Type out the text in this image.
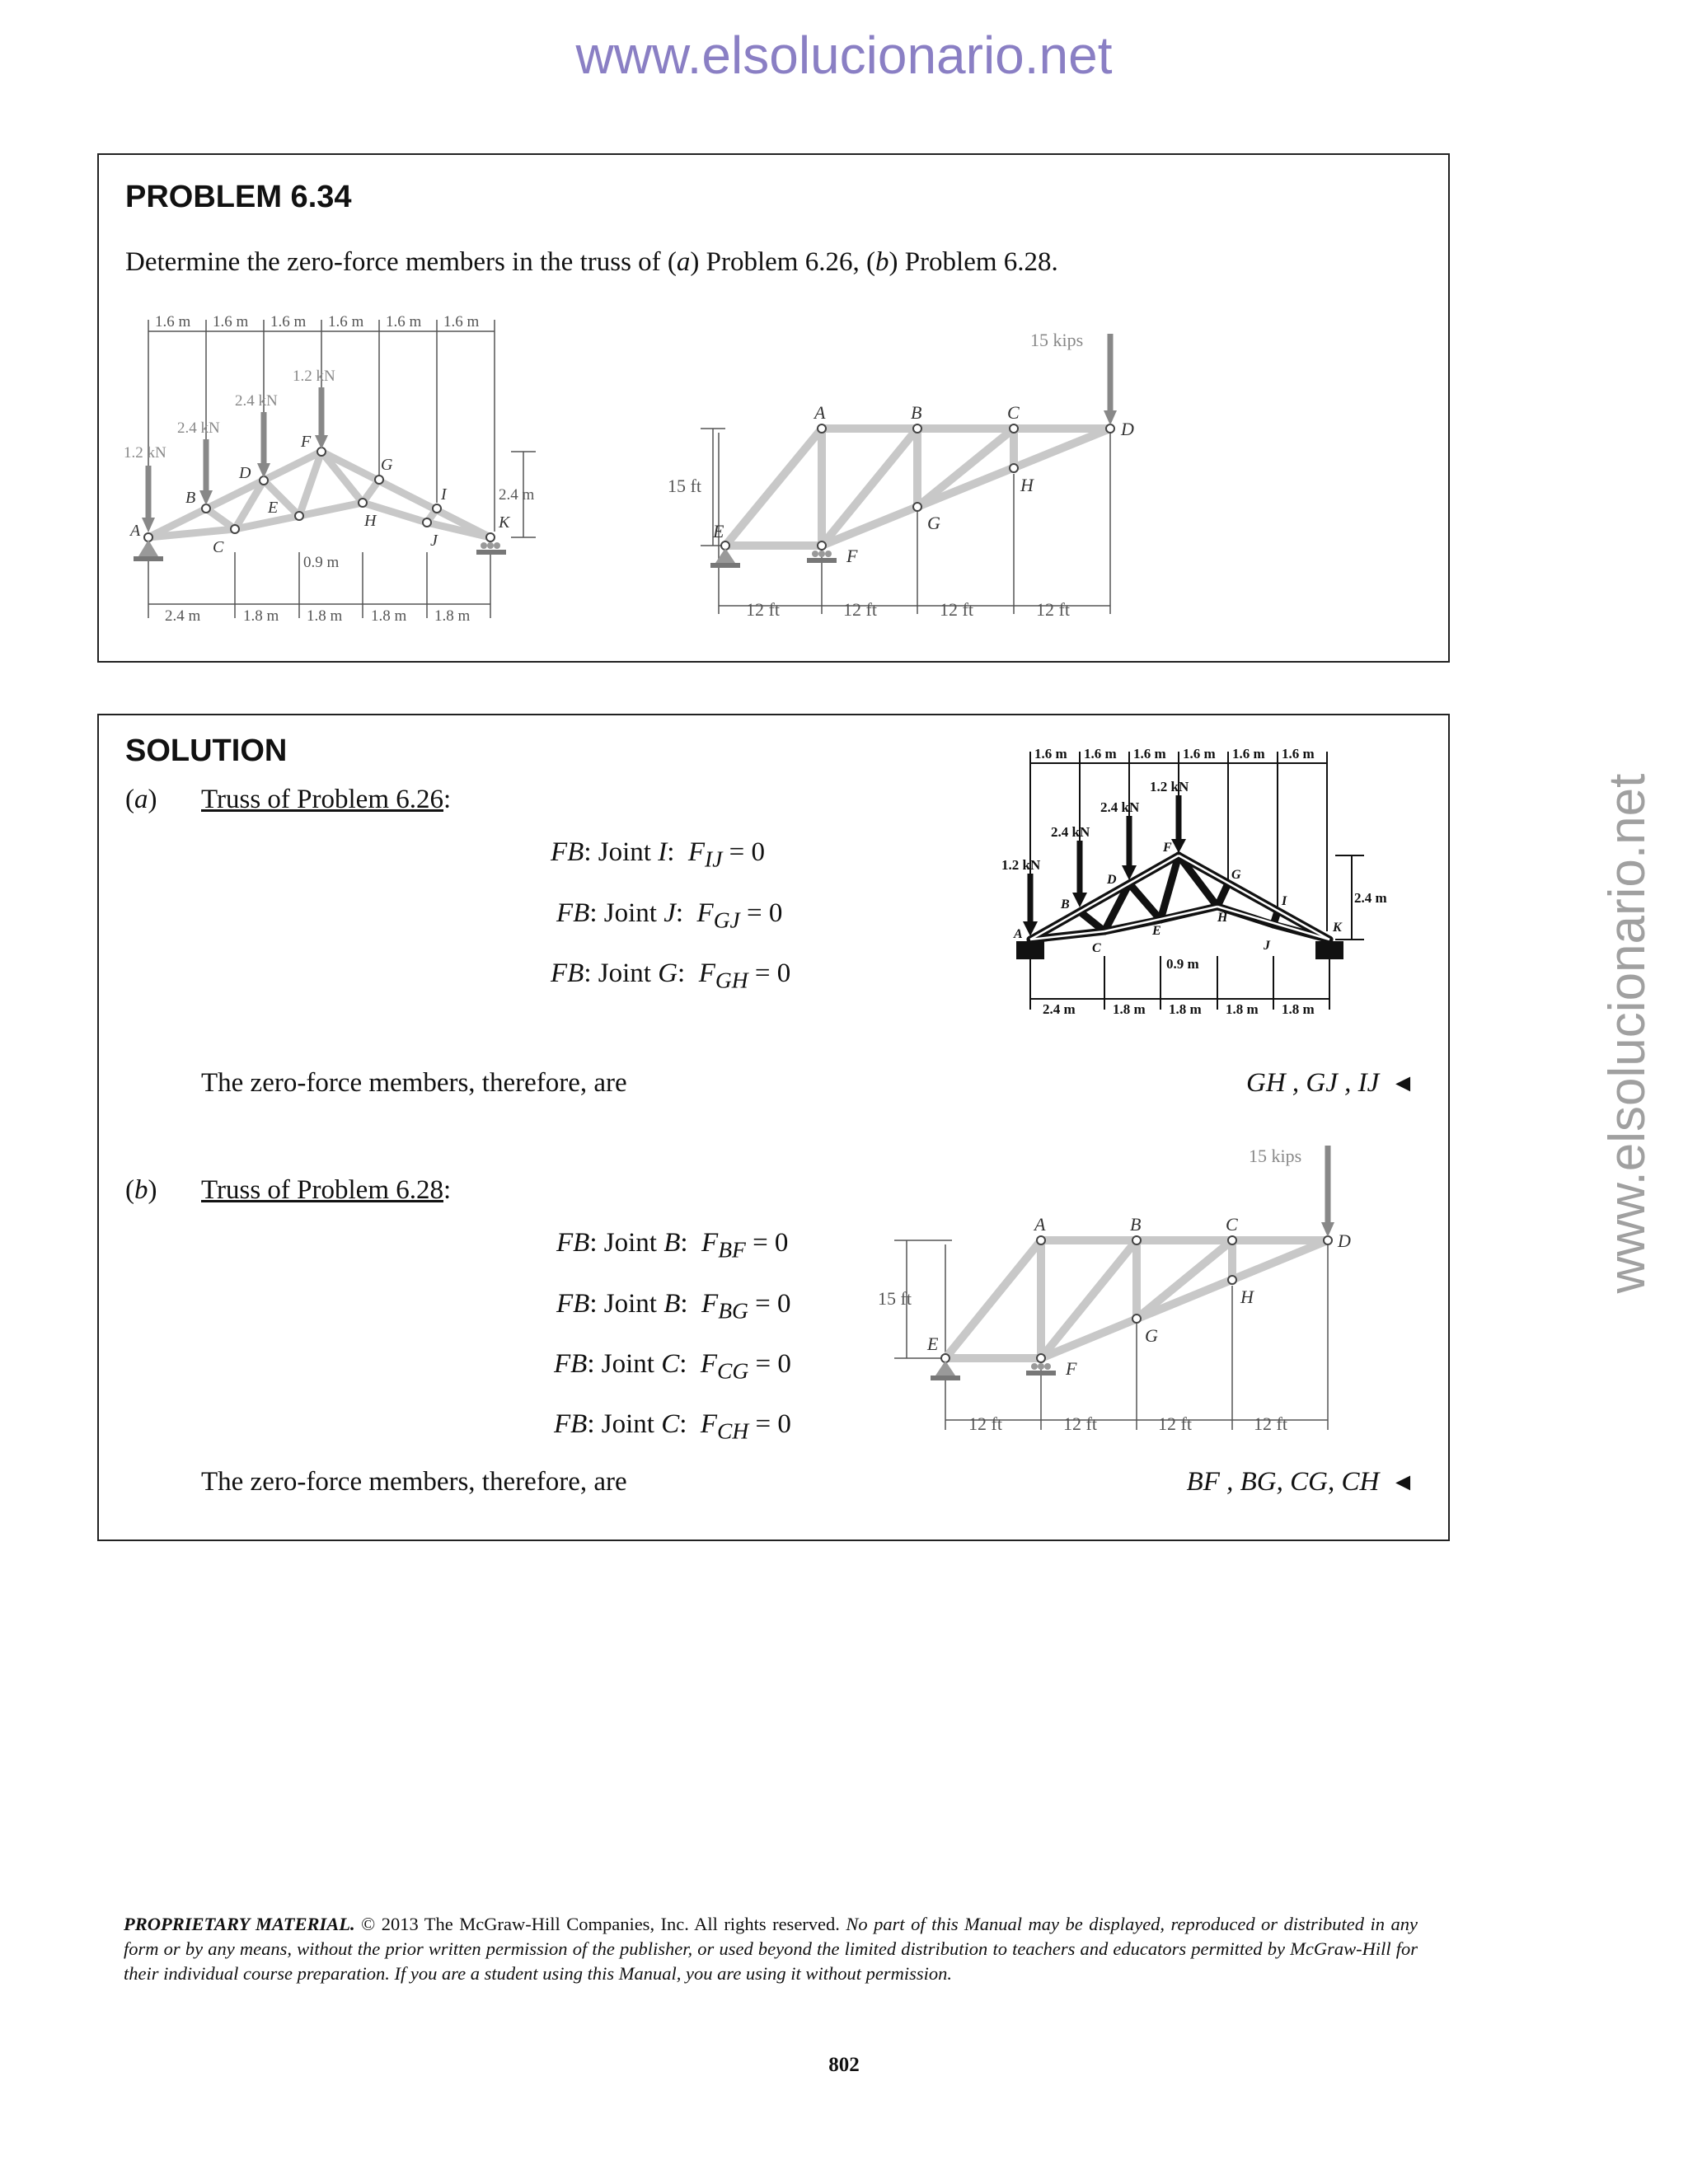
www.elsolucionario.net
www.elsolucionario.net
PROBLEM 6.34
Determine the zero-force members in the truss of (a) Problem 6.26, (b) Problem 6.28.
1.6 m 1.6 m 1.6 m 1.6 m 1.6 m 1.6 m
2.4 m	1.8 m 1.8 m 1.8 m 1.8 m
1.2 kN
2.4 kN
2.4 kN
1.2 kN
2.4 m
0.9 m
A
B
C
D
E
F
G
H
I
J
K
15 kips
15 ft
12 ft	12 ft	12 ft	12 ft
A	B	C
D
E
F
G
H
SOLUTION
(a) Truss of Problem 6.26:
FB: Joint I:  $F_{IJ} = 0$
FB: Joint J:  $F_{GJ} = 0$
FB: Joint G:  $F_{GH} = 0$
The zero-force members, therefore, are	GH , GJ , IJ ◄
(b) Truss of Problem 6.28:
FB: Joint B:  $F_{BF} = 0$
FB: Joint B:  $F_{BG} = 0$
FB: Joint C:  $F_{CG} = 0$
FB: Joint C:  $F_{CH} = 0$
The zero-force members, therefore, are	BF , BG, CG, CH ◄
1.6 m 1.6 m 1.6 m 1.6 m 1.6 m 1.6 m
2.4 m	1.8 m 1.8 m 1.8 m 1.8 m
1.2 kN
2.4 kN
2.4 kN
1.2 kN
2.4 m
0.9 m
A
B
C
D
E
F
G
H
I
J
K
15 kips
15 ft
12 ft	12 ft	12 ft	12 ft
A	B	C
D
E
F
G
H
PROPRIETARY MATERIAL. © 2013 The McGraw-Hill Companies, Inc. All rights reserved. No part of this Manual may be displayed, reproduced or distributed in any form or by any means, without the prior written permission of the publisher, or used beyond the limited distribution to teachers and educators permitted by McGraw-Hill for their individual course preparation. If you are a student using this Manual, you are using it without permission.
802
